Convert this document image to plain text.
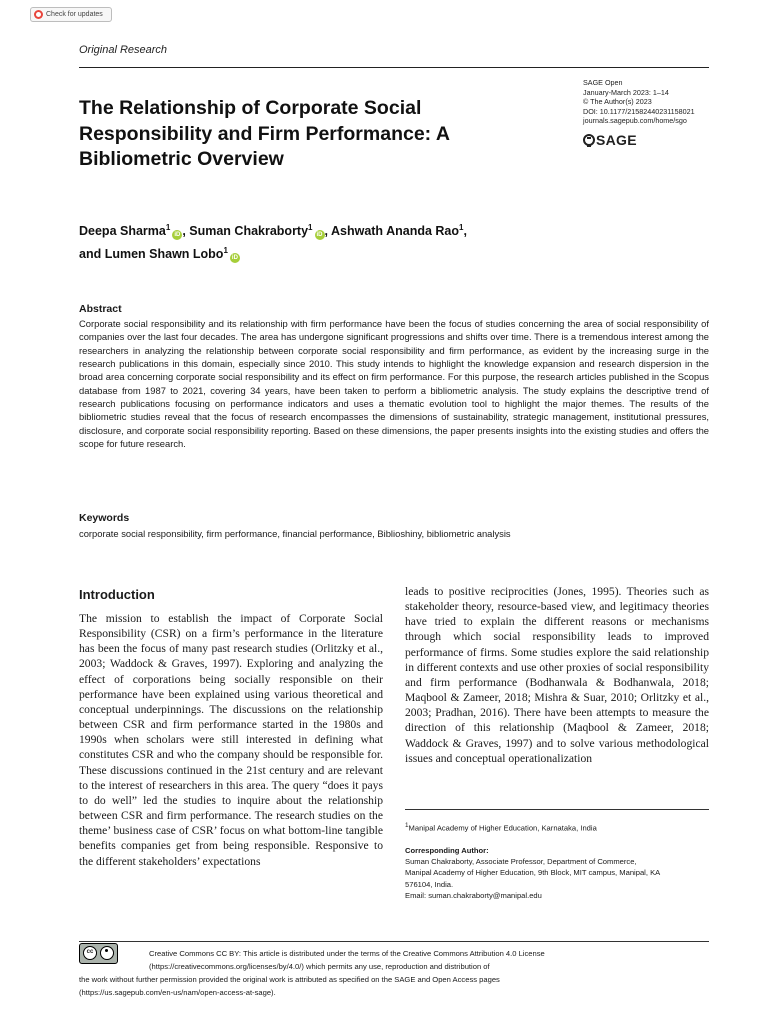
Check for updates
Original Research
SAGE Open
January-March 2023: 1–14
© The Author(s) 2023
DOI: 10.1177/21582440231158021
journals.sagepub.com/home/sgo
SAGE
The Relationship of Corporate Social Responsibility and Firm Performance: A Bibliometric Overview
Deepa Sharma$^1$iD , Suman Chakraborty$^1$iD , Ashwath Ananda Rao$^1$,
and Lumen Shawn Lobo$^1$iD
Abstract
Corporate social responsibility and its relationship with firm performance have been the focus of studies concerning the area of social responsibility of companies over the last four decades. The area has undergone significant progressions and shifts over time. There is a tremendous interest among the researchers in analyzing the relationship between corporate social responsibility and firm performance, as evident by the increasing surge in the research publications in this domain, especially since 2010. This study intends to highlight the knowledge expansion and research dispersion in the broad area concerning corporate social responsibility and its effect on firm performance. For this purpose, the research articles published in the Scopus database from 1987 to 2021, covering 34 years, have been taken to perform a bibliometric analysis. The study explains the descriptive trend of research publications focusing on performance indicators and uses a thematic evolution tool to highlight the major themes. The results of the bibliometric studies reveal that the focus of research encompasses the dimensions of sustainability, strategic management, institutional pressures, disclosure, and corporate social responsibility reporting. Based on these dimensions, the paper presents insights into the existing studies and offers the scope for future research.
Keywords
corporate social responsibility, firm performance, financial performance, Biblioshiny, bibliometric analysis
Introduction
The mission to establish the impact of Corporate Social Responsibility (CSR) on a firm’s performance in the literature has been the focus of many past research studies (Orlitzky et al., 2003; Waddock & Graves, 1997). Exploring and analyzing the effect of corporations being socially responsible on their performance have been explained using various theoretical and conceptual underpinnings. The discussions on the relationship between CSR and firm performance started in the 1980s and 1990s when scholars were still interested in defining what constitutes CSR and who the company should be responsible for. These discussions continued in the 21st century and are relevant to the interest of researchers in this area. The query “does it pays to do well” led the studies to inquire about the relationship between CSR and firm performance. The research studies on the theme’ business case of CSR’ focus on what bottom-line tangible benefits companies get from being responsible. Responsive to the different stakeholders’ expectations
leads to positive reciprocities (Jones, 1995). Theories such as stakeholder theory, resource-based view, and legitimacy theories have tried to explain the different reasons or mechanisms through which social responsibility leads to improved performance of firms. Some studies explore the said relationship in different contexts and use other proxies of social responsibility and firm performance (Bodhanwala & Bodhanwala, 2018; Maqbool & Zameer, 2018; Mishra & Suar, 2010; Orlitzky et al., 2003; Pradhan, 2016). There have been attempts to measure the direction of this relationship (Maqbool & Zameer, 2018; Waddock & Graves, 1997) and to solve various methodological issues and conceptual operationalization
$^1$Manipal Academy of Higher Education, Karnataka, India
Corresponding Author:
Suman Chakraborty, Associate Professor, Department of Commerce,
Manipal Academy of Higher Education, 9th Block, MIT campus, Manipal, KA
576104, India.
Email: suman.chakraborty@manipal.edu
cc	Creative Commons CC BY: This article is distributed under the terms of the Creative Commons Attribution 4.0 License
(https://creativecommons.org/licenses/by/4.0/) which permits any use, reproduction and distribution of
the work without further permission provided the original work is attributed as specified on the SAGE and Open Access pages
(https://us.sagepub.com/en-us/nam/open-access-at-sage).
